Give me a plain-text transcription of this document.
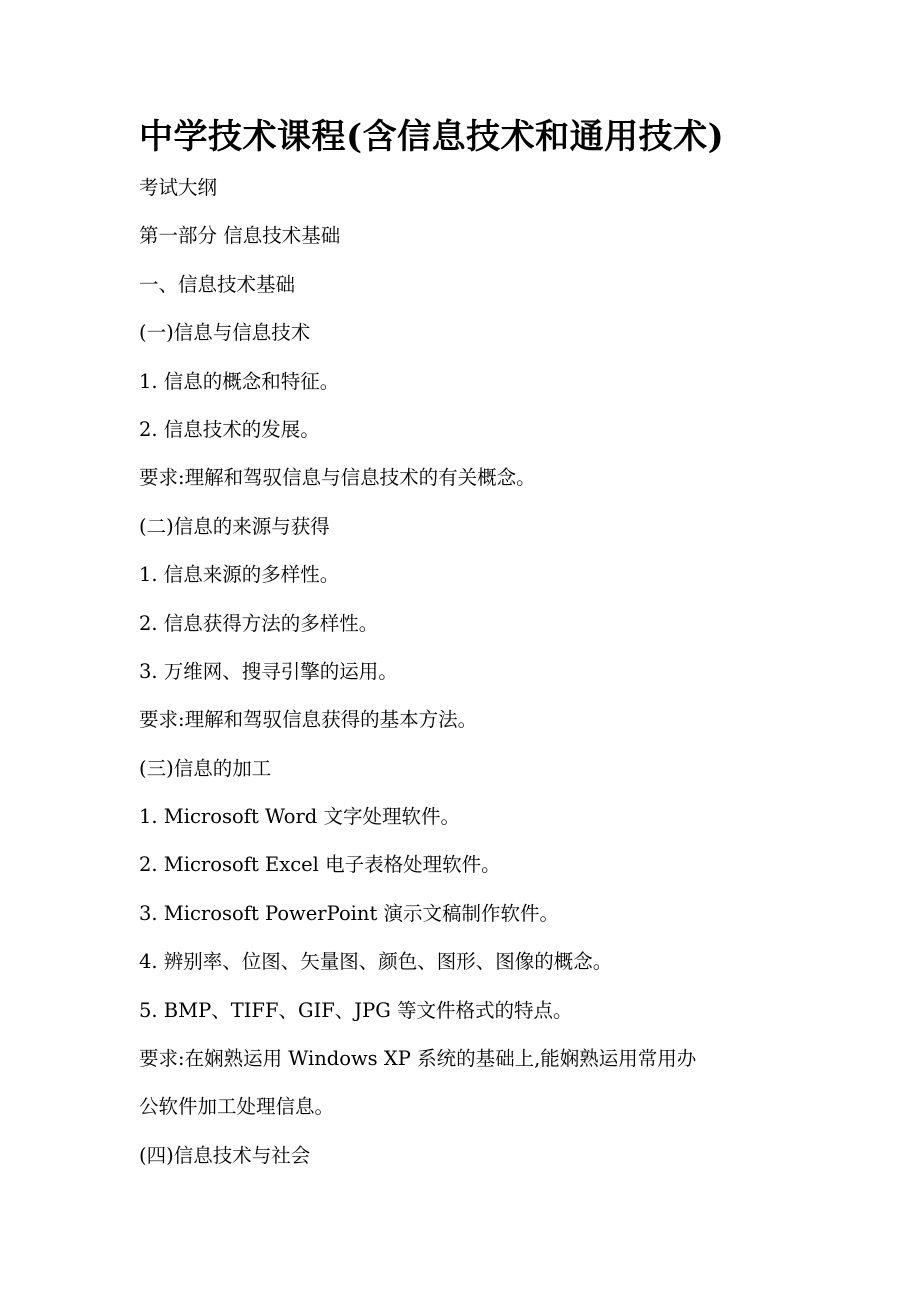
中学技术课程(含信息技术和通用技术)
考试大纲
第一部分 信息技术基础
一、信息技术基础
(一)信息与信息技术
1. 信息的概念和特征。
2. 信息技术的发展。
要求:理解和驾驭信息与信息技术的有关概念。
(二)信息的来源与获得
1. 信息来源的多样性。
2. 信息获得方法的多样性。
3. 万维网、搜寻引擎的运用。
要求:理解和驾驭信息获得的基本方法。
(三)信息的加工
1. Microsoft Word 文字处理软件。
2. Microsoft Excel 电子表格处理软件。
3. Microsoft PowerPoint 演示文稿制作软件。
4. 辨别率、位图、矢量图、颜色、图形、图像的概念。
5. BMP、TIFF、GIF、JPG 等文件格式的特点。
要求:在娴熟运用 Windows XP 系统的基础上,能娴熟运用常用办
公软件加工处理信息。
(四)信息技术与社会
